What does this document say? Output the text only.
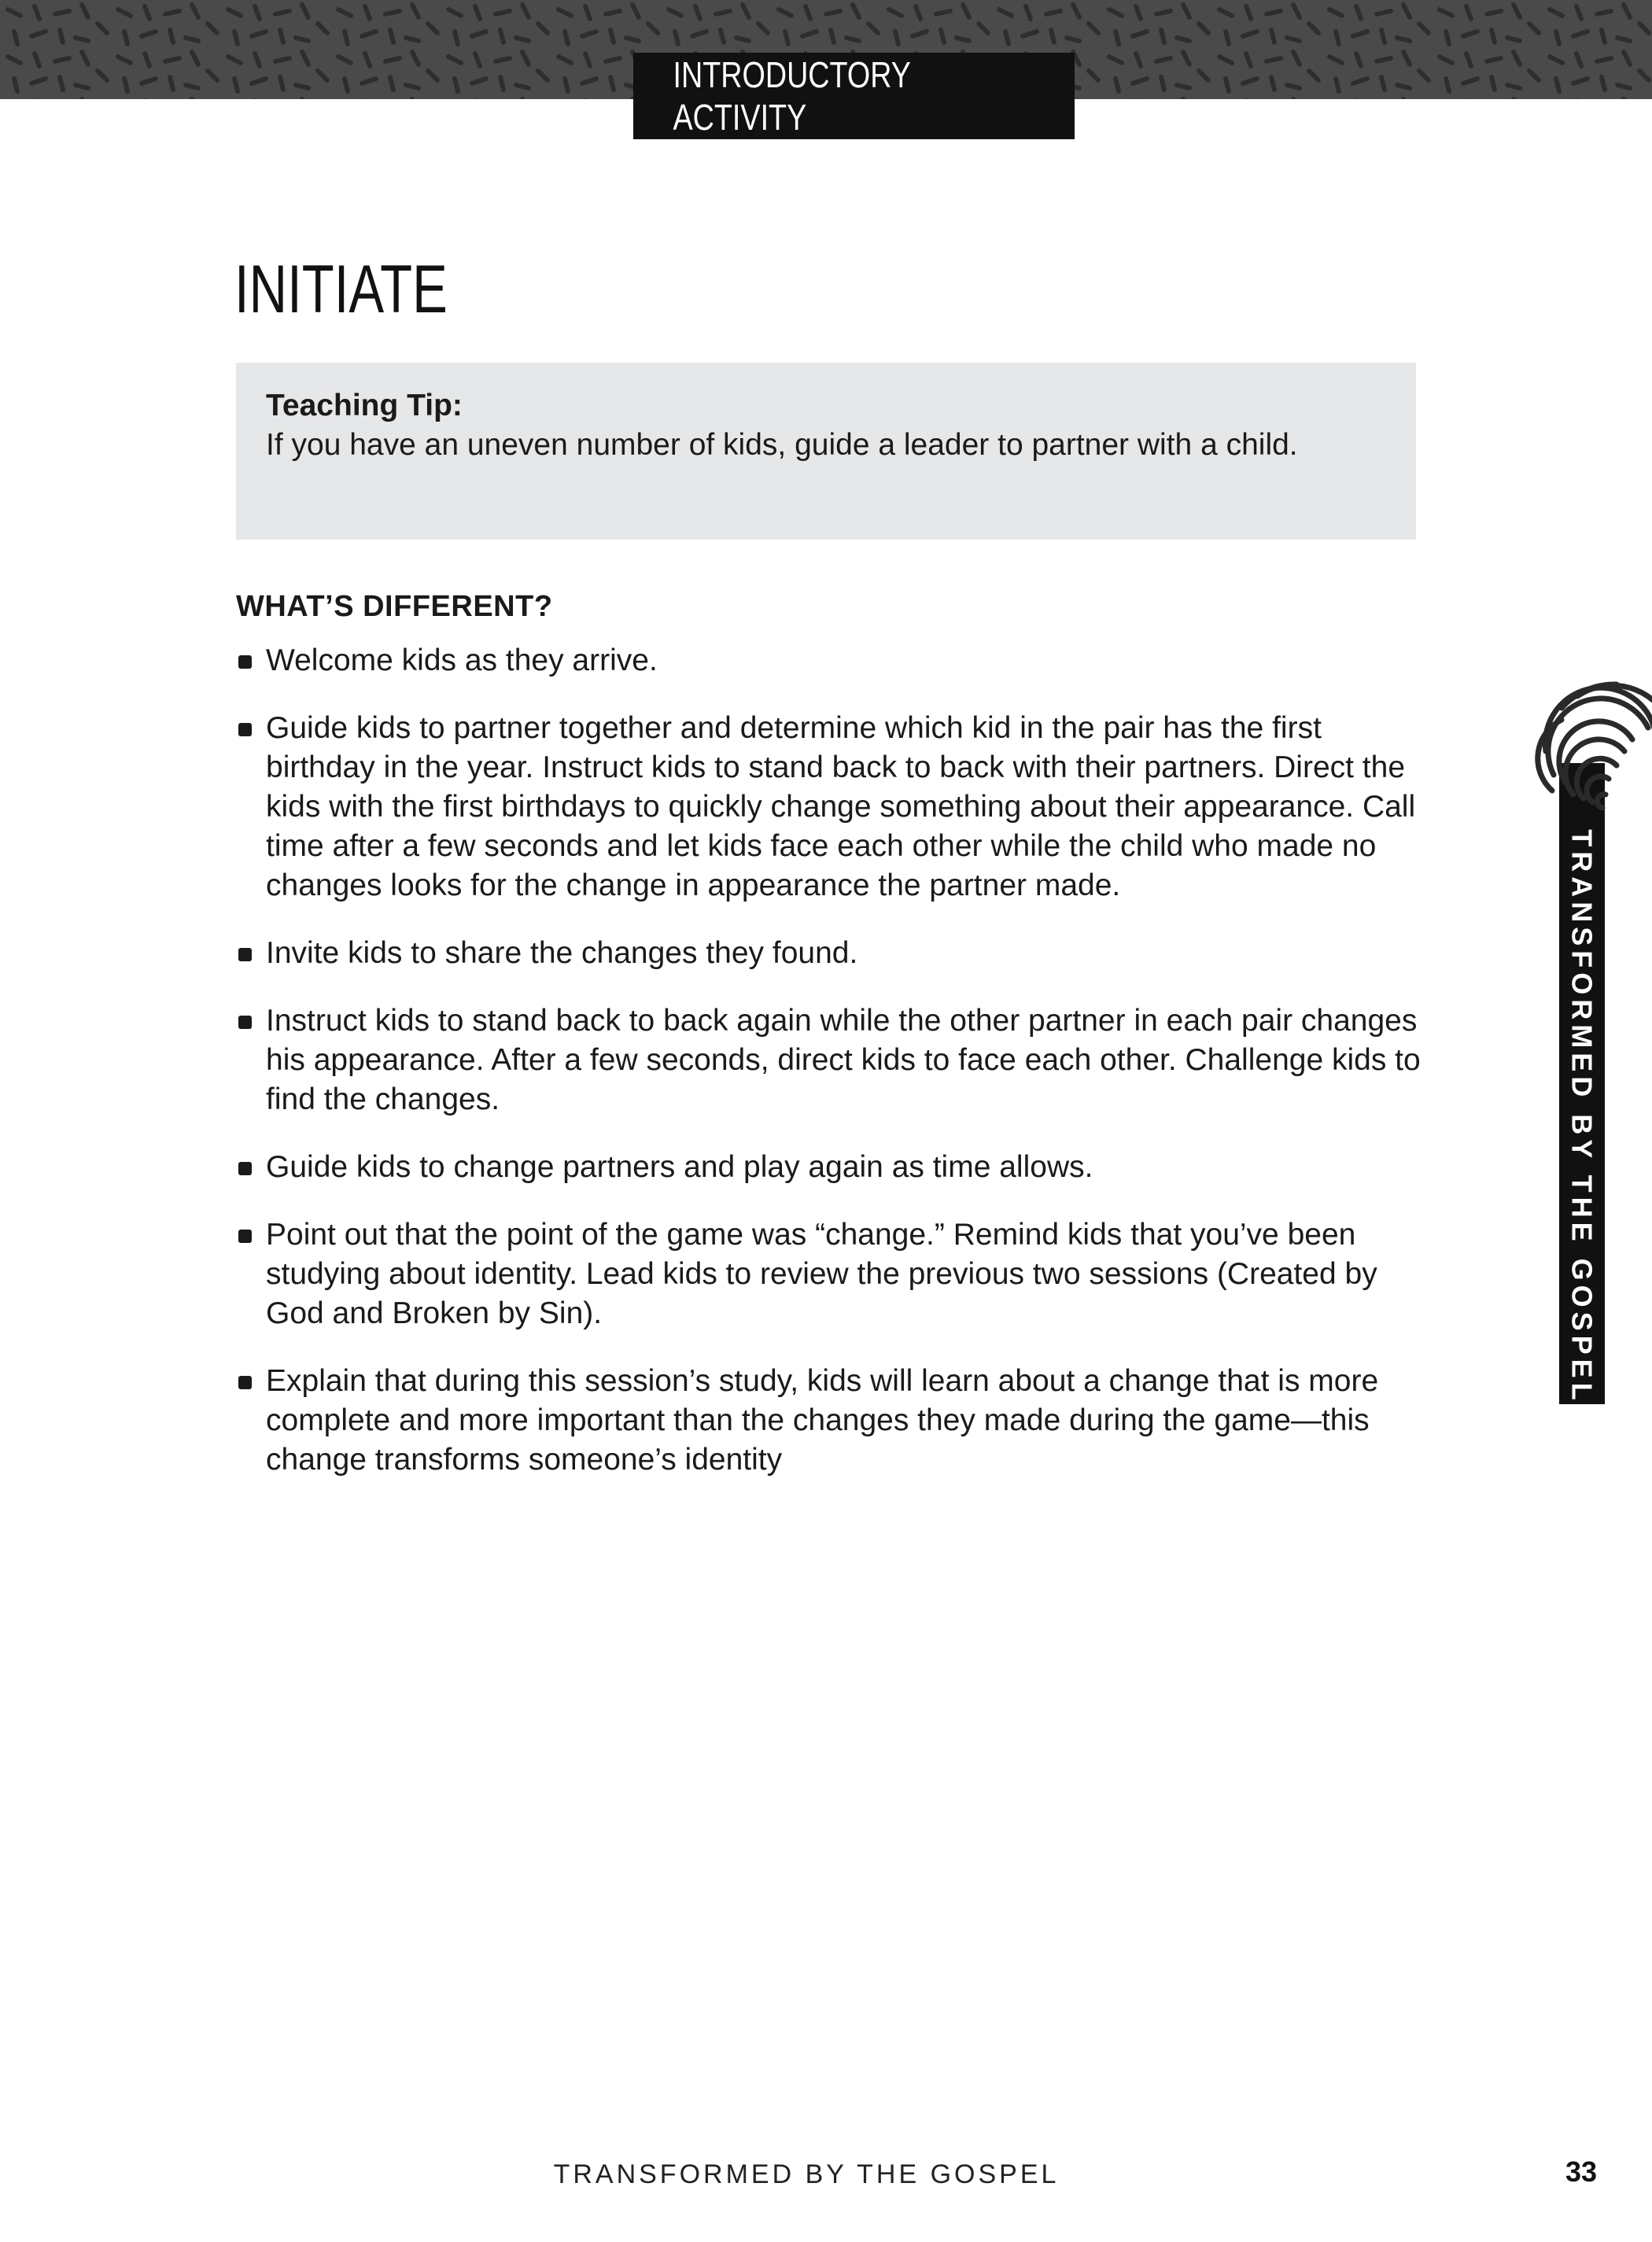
INTRODUCTORY ACTIVITY
INITIATE
Teaching Tip:
If you have an uneven number of kids, guide a leader to partner with a child.
WHAT’S DIFFERENT?
Welcome kids as they arrive.
Guide kids to partner together and determine which kid in the pair has the first birthday in the year. Instruct kids to stand back to back with their partners. Direct the kids with the first birthdays to quickly change something about their appearance. Call time after a few seconds and let kids face each other while the child who made no changes looks for the change in appearance the partner made.
Invite kids to share the changes they found.
Instruct kids to stand back to back again while the other partner in each pair changes his appearance. After a few seconds, direct kids to face each other. Challenge kids to find the changes.
Guide kids to change partners and play again as time allows.
Point out that the point of the game was “change.” Remind kids that you’ve been studying about identity. Lead kids to review the previous two sessions (Created by God and Broken by Sin).
Explain that during this session’s study, kids will learn about a change that is more complete and more important than the changes they made during the game—this change transforms someone’s identity
TRANSFORMED BY THE GOSPEL
TRANSFORMED BY THE GOSPEL	33
